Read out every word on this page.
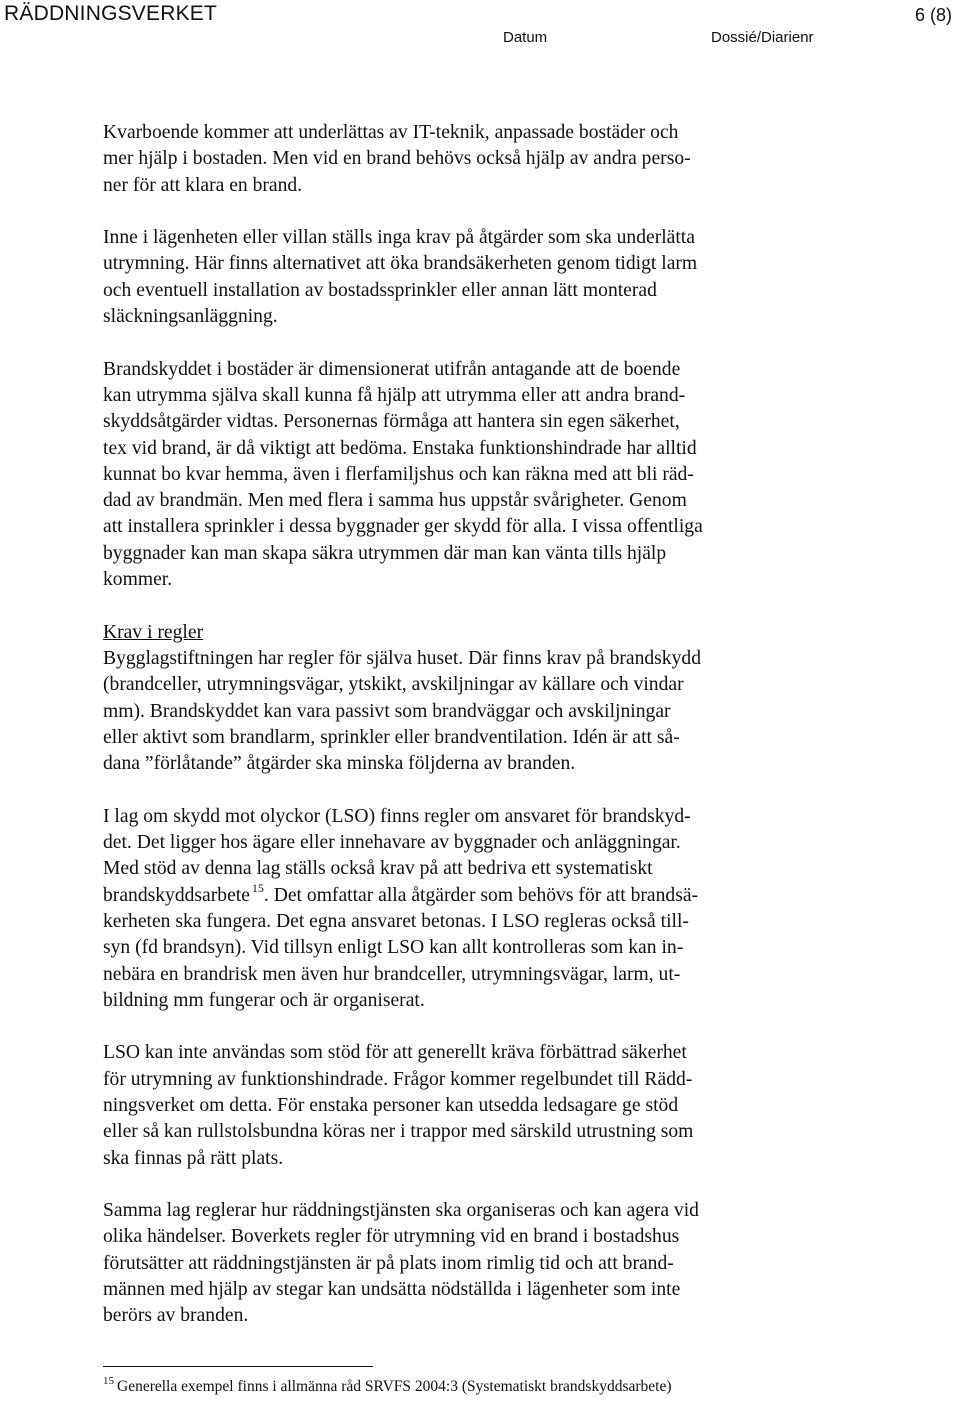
RÄDDNINGSVERKET	6 (8)
Datum	Dossié/Diarienr
Kvarboende kommer att underlättas av IT-teknik, anpassade bostäder och
mer hjälp i bostaden. Men vid en brand behövs också hjälp av andra perso-
ner för att klara en brand.
Inne i lägenheten eller villan ställs inga krav på åtgärder som ska underlätta
utrymning. Här finns alternativet att öka brandsäkerheten genom tidigt larm
och eventuell installation av bostadssprinkler eller annan lätt monterad
släckningsanläggning.
Brandskyddet i bostäder är dimensionerat utifrån antagande att de boende
kan utrymma själva skall kunna få hjälp att utrymma eller att andra brand-
skyddsåtgärder vidtas. Personernas förmåga att hantera sin egen säkerhet,
tex vid brand, är då viktigt att bedöma. Enstaka funktionshindrade har alltid
kunnat bo kvar hemma, även i flerfamiljshus och kan räkna med att bli räd-
dad av brandmän. Men med flera i samma hus uppstår svårigheter. Genom
att installera sprinkler i dessa byggnader ger skydd för alla. I vissa offentliga
byggnader kan man skapa säkra utrymmen där man kan vänta tills hjälp
kommer.
Krav i regler
Bygglagstiftningen har regler för själva huset. Där finns krav på brandskydd
(brandceller, utrymningsvägar, ytskikt, avskiljningar av källare och vindar
mm). Brandskyddet kan vara passivt som brandväggar och avskiljningar
eller aktivt som brandlarm, sprinkler eller brandventilation. Idén är att så-
dana ”förlåtande” åtgärder ska minska följderna av branden.
I lag om skydd mot olyckor (LSO) finns regler om ansvaret för brandskyd-
det. Det ligger hos ägare eller innehavare av byggnader och anläggningar.
Med stöd av denna lag ställs också krav på att bedriva ett systematiskt
brandskyddsarbete $^{15}$. Det omfattar alla åtgärder som behövs för att brandsä-
kerheten ska fungera. Det egna ansvaret betonas. I LSO regleras också till-
syn (fd brandsyn). Vid tillsyn enligt LSO kan allt kontrolleras som kan in-
nebära en brandrisk men även hur brandceller, utrymningsvägar, larm, ut-
bildning mm fungerar och är organiserat.
LSO kan inte användas som stöd för att generellt kräva förbättrad säkerhet
för utrymning av funktionshindrade. Frågor kommer regelbundet till Rädd-
ningsverket om detta. För enstaka personer kan utsedda ledsagare ge stöd
eller så kan rullstolsbundna köras ner i trappor med särskild utrustning som
ska finnas på rätt plats.
Samma lag reglerar hur räddningstjänsten ska organiseras och kan agera vid
olika händelser. Boverkets regler för utrymning vid en brand i bostadshus
förutsätter att räddningstjänsten är på plats inom rimlig tid och att brand-
männen med hjälp av stegar kan undsätta nödställda i lägenheter som inte
berörs av branden.
$^{15}$ Generella exempel finns i allmänna råd SRVFS 2004:3 (Systematiskt brandskyddsarbete)
